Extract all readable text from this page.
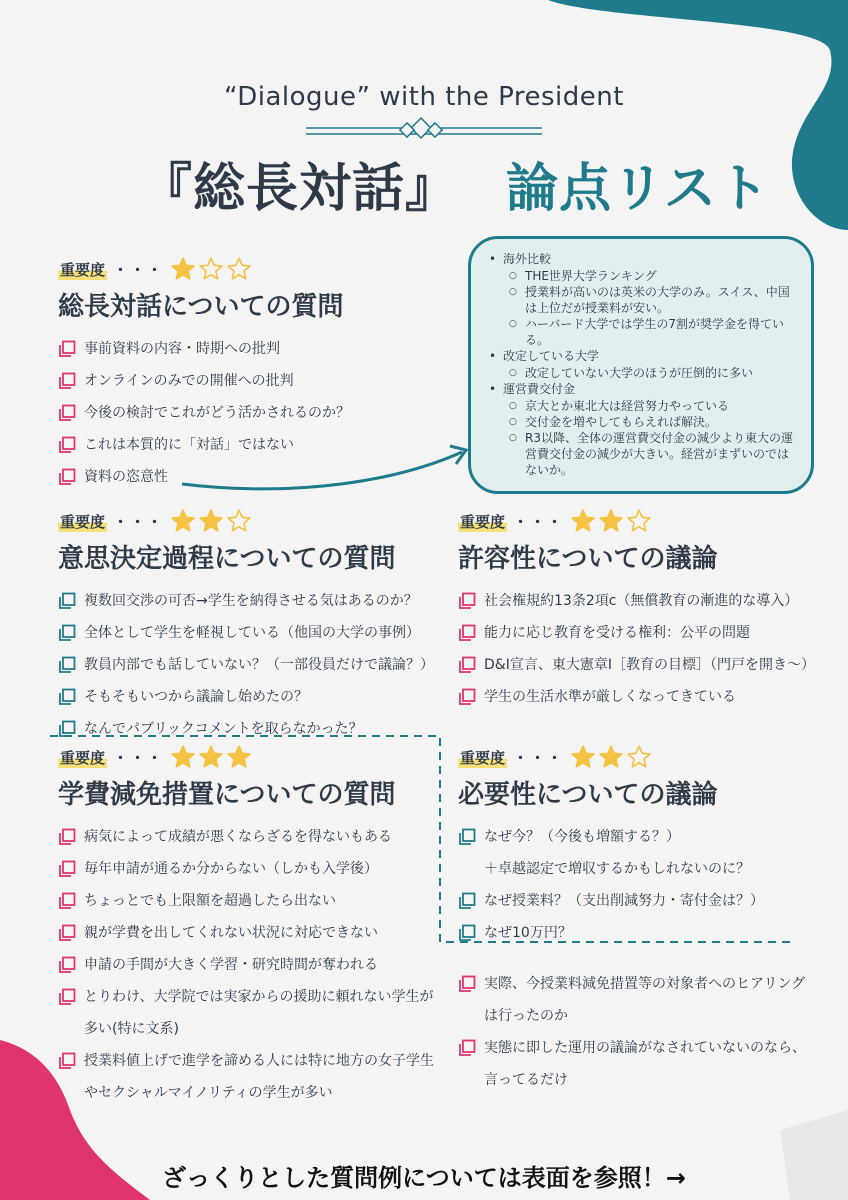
“Dialogue” with the President
『総長対話』 論点リスト
重要度 ・・・
総長対話についての質問
事前資料の内容・時期への批判
オンラインのみでの開催への批判
今後の検討でこれがどう活かされるのか？
これは本質的に「対話」ではない
資料の恣意性
• 海外比較
○ THE世界大学ランキング
○ 授業料が高いのは英米の大学のみ。スイス、中国は上位だが授業料が安い。
○ ハーバード大学では学生の7割が奨学金を得ている。
• 改定している大学
○ 改定していない大学のほうが圧倒的に多い
• 運営費交付金
○ 京大とか東北大は経営努力やっている
○ 交付金を増やしてもらえれば解決。
○ R3以降、全体の運営費交付金の減少より東大の運営費交付金の減少が大きい。経営がまずいのではないか。
重要度 ・・・
意思決定過程についての質問
複数回交渉の可否→学生を納得させる気はあるのか？
全体として学生を軽視している（他国の大学の事例）
教員内部でも話していない？（一部役員だけで議論？）
そもそもいつから議論し始めたの？
なんでパブリックコメントを取らなかった？
重要度 ・・・
許容性についての議論
社会権規約13条2項c（無償教育の漸進的な導入）
能力に応じ教育を受ける権利：公平の問題
D&I宣言、東大憲章Ⅰ［教育の目標］（門戸を開き～）
学生の生活水準が厳しくなってきている
重要度 ・・・
学費減免措置についての質問
病気によって成績が悪くならざるを得ないもある
毎年申請が通るか分からない（しかも入学後）
ちょっとでも上限額を超過したら出ない
親が学費を出してくれない状況に対応できない
申請の手間が大きく学習・研究時間が奪われる
とりわけ、大学院では実家からの援助に頼れない学生が
多い(特に文系)
授業料値上げで進学を諦める人には特に地方の女子学生
やセクシャルマイノリティの学生が多い
重要度 ・・・
必要性についての議論
なぜ今？（今後も増額する？）
＋卓越認定で増収するかもしれないのに？
なぜ授業料？（支出削減努力・寄付金は？）
なぜ10万円？
実際、今授業料減免措置等の対象者へのヒアリング
は行ったのか
実態に即した運用の議論がなされていないのなら、
言ってるだけ
ざっくりとした質問例については表面を参照！→
